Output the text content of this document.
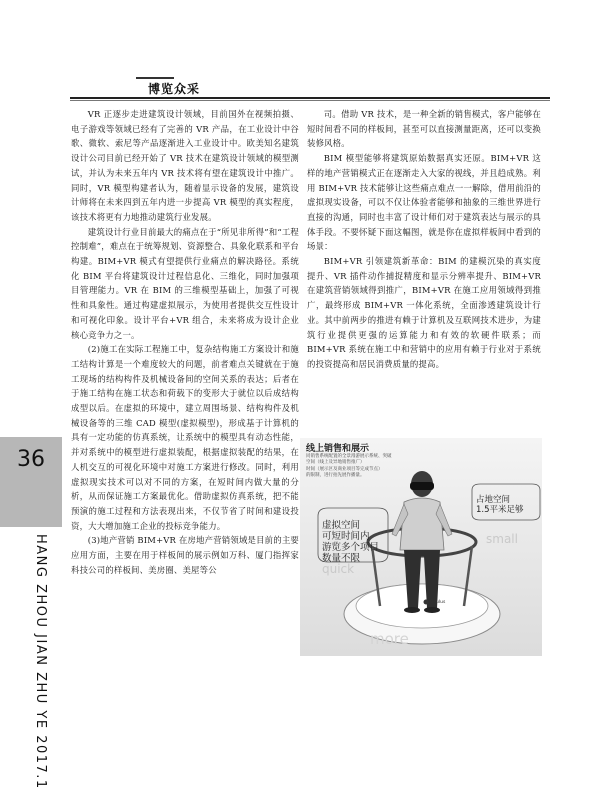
博览众采

VR 正逐步走进建筑设计领域，目前国外在视频拍摄、电子游戏等领域已经有了完善的 VR 产品，在工业设计中谷歌、微软、索尼等产品逐渐进入工业设计中。欧美知名建筑设计公司目前已经开始了 VR 技术在建筑设计领域的模型测试，并认为未来五年内 VR 技术将有望在建筑设计中推广。同时，VR 模型构建者认为，随着显示设备的发展，建筑设计师将在未来四到五年内进一步提高 VR 模型的真实程度，该技术将更有力地推动建筑行业发展。

建筑设计行业目前最大的痛点在于“所见非所得”和“工程控制难”，难点在于统筹规划、资源整合、具象化联系和平台构建。BIM+VR 模式有望提供行业痛点的解决路径。系统化 BIM 平台将建筑设计过程信息化、三维化，同时加强项目管理能力。VR 在 BIM 的三维模型基础上，加强了可视性和具象性。通过构建虚拟展示，为使用者提供交互性设计和可视化印象。设计平台+VR 组合，未来将成为设计企业核心竞争力之一。

(2)施工在实际工程施工中，复杂结构施工方案设计和施工结构计算是一个难度较大的问题，前者难点关键就在于施工现场的结构构件及机械设备间的空间关系的表达；后者在于施工结构在施工状态和荷载下的变形大于就位以后成结构成型以后。在虚拟的环境中，建立周围场景、结构构件及机械设备等的三维 CAD 模型(虚拟模型)，形成基于计算机的具有一定功能的仿真系统，让系统中的模型具有动态性能，并对系统中的模型进行虚拟装配，根据虚拟装配的结果，在人机交互的可视化环境中对施工方案进行修改。同时，利用虚拟现实技术可以对不同的方案，在短时间内做大量的分析，从而保证施工方案最优化。借助虚拟仿真系统，把不能预演的施工过程和方法表现出来，不仅节省了时间和建设投资，大大增加施工企业的投标竞争能力。

(3)地产营销 BIM+VR 在房地产营销领域是目前的主要应用方面，主要在用于样板间的展示例如万科、厦门指挥家科技公司的样板间、美房圈、美屋等公

司。借助 VR 技术，是一种全新的销售模式，客户能够在短时间看不同的样板间，甚至可以直接测量距离，还可以变换装修风格。

BIM 模型能够将建筑原始数据真实还原。BIM+VR 这样的地产营销模式正在逐渐走入大家的视线，并且趋成熟。利用 BIM+VR 技术能够让这些痛点难点一一解除，借用前沿的虚拟现实设备，可以不仅让体验者能够和抽象的三维世界进行直接的沟通，同时也丰富了设计师们对于建筑表达与展示的具体手段。不要怀疑下面这幅图，就是你在虚拟样板间中看到的场景：

BIM+VR 引领建筑新革命：BIM 的建模沉染的真实度提升、VR 插件动作捕捉精度和显示分辨率提升、BIM+VR 在建筑营销领域得到推广，BIM+VR 在施工应用领域得到推广，最终形成 BIM+VR 一体化系统，全面渗透建筑设计行业。其中前两步的推进有赖于计算机及互联网技术进步，为建筑行业提供更强的运算能力和有效的软硬件联系；而 BIM+VR 系统在施工中和营销中的应用有赖于行业对于系统的投资提高和居民消费质量的提高。

36
HANG ZHOU JIAN ZHU YE 2017.1
线上销售和展示
同销售系统配置的全景漫游展示系统、突破
空间（线上及异地销售推广）
时间（展示区及商业项目等完成节点）
的限制，进行拍先展作播量。
虚拟空间
可短时间内
游览多个项目
数量不限
占地空间
1.5平米足够
small
quick
more
Oculus
